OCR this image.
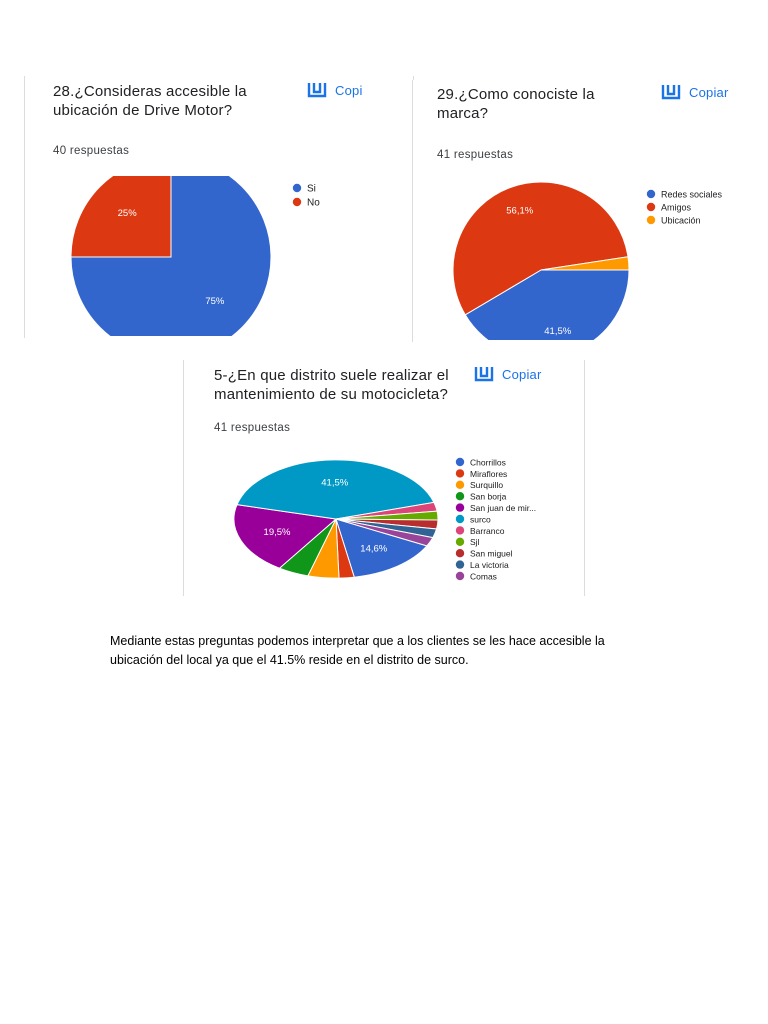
28.¿Consideras accesible la ubicación de Drive Motor?
40 respuestas
Copi
75%
25%
Si
No
29.¿Como conociste la marca?
41 respuestas
Copiar
41,5%
56,1%
Redes sociales
Amigos
Ubicación
5-¿En que distrito suele realizar el mantenimiento de su motocicleta?
41 respuestas
Copiar
14,6%
19,5%
41,5%
Chorrillos
Miraflores
Surquillo
San borja
San juan de mir...
surco
Barranco
Sjl
San miguel
La victoria
Comas
Mediante estas preguntas podemos interpretar que a los clientes se les hace accesible la ubicación del local ya que el 41.5% reside en el distrito de surco.
